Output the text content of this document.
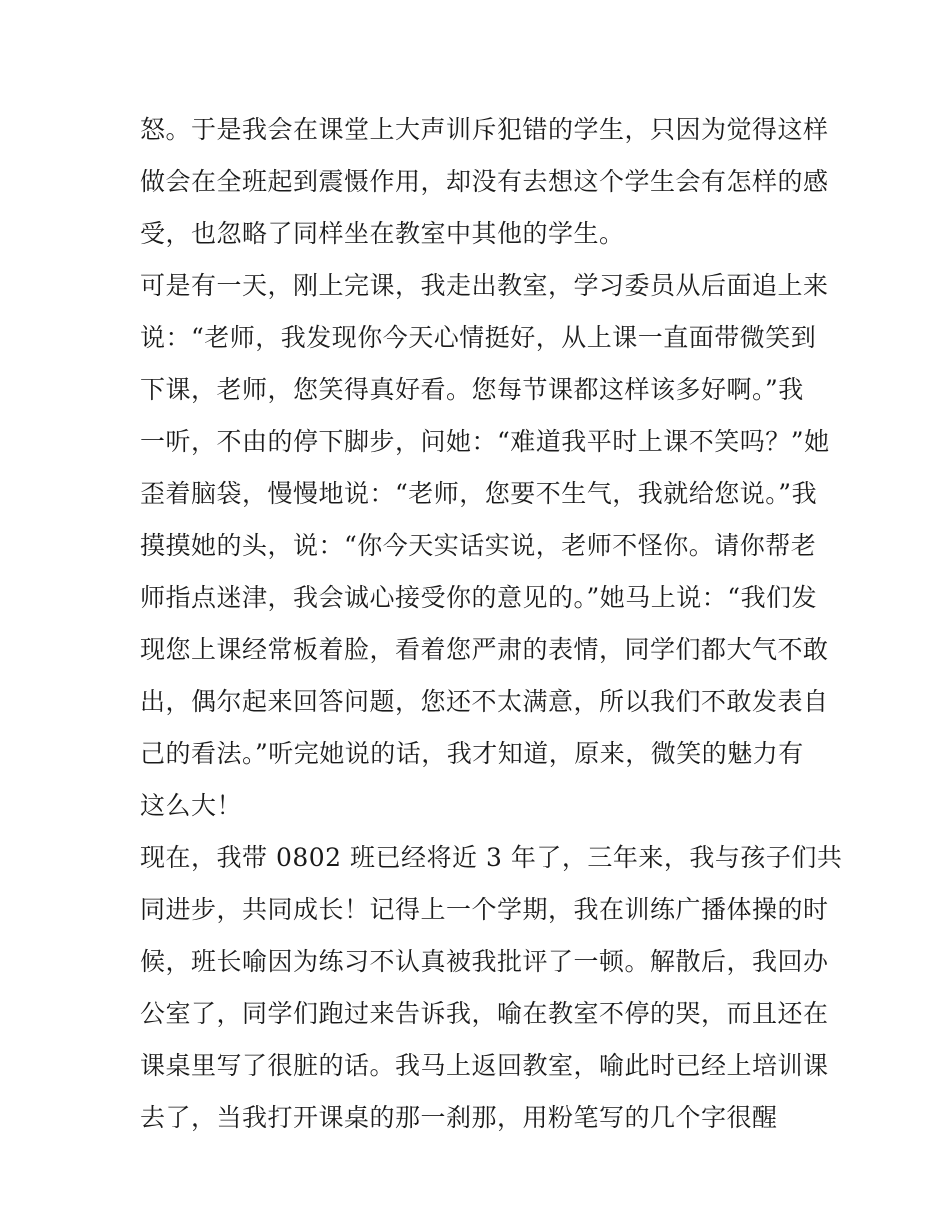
怒。于是我会在课堂上大声训斥犯错的学生，只因为觉得这样
做会在全班起到震慑作用，却没有去想这个学生会有怎样的感
受，也忽略了同样坐在教室中其他的学生。
可是有一天，刚上完课，我走出教室，学习委员从后面追上来
说：“老师，我发现你今天心情挺好，从上课一直面带微笑到
下课，老师，您笑得真好看。您每节课都这样该多好啊。”我
一听，不由的停下脚步，问她：“难道我平时上课不笑吗？”她
歪着脑袋，慢慢地说：“老师，您要不生气，我就给您说。”我
摸摸她的头，说：“你今天实话实说，老师不怪你。请你帮老
师指点迷津，我会诚心接受你的意见的。”她马上说：“我们发
现您上课经常板着脸，看着您严肃的表情，同学们都大气不敢
出，偶尔起来回答问题，您还不太满意，所以我们不敢发表自
己的看法。”听完她说的话，我才知道，原来，微笑的魅力有
这么大！
现在，我带 0802 班已经将近 3 年了，三年来，我与孩子们共
同进步，共同成长！记得上一个学期，我在训练广播体操的时
候，班长喻因为练习不认真被我批评了一顿。解散后，我回办
公室了，同学们跑过来告诉我，喻在教室不停的哭，而且还在
课桌里写了很脏的话。我马上返回教室，喻此时已经上培训课
去了，当我打开课桌的那一刹那，用粉笔写的几个字很醒
